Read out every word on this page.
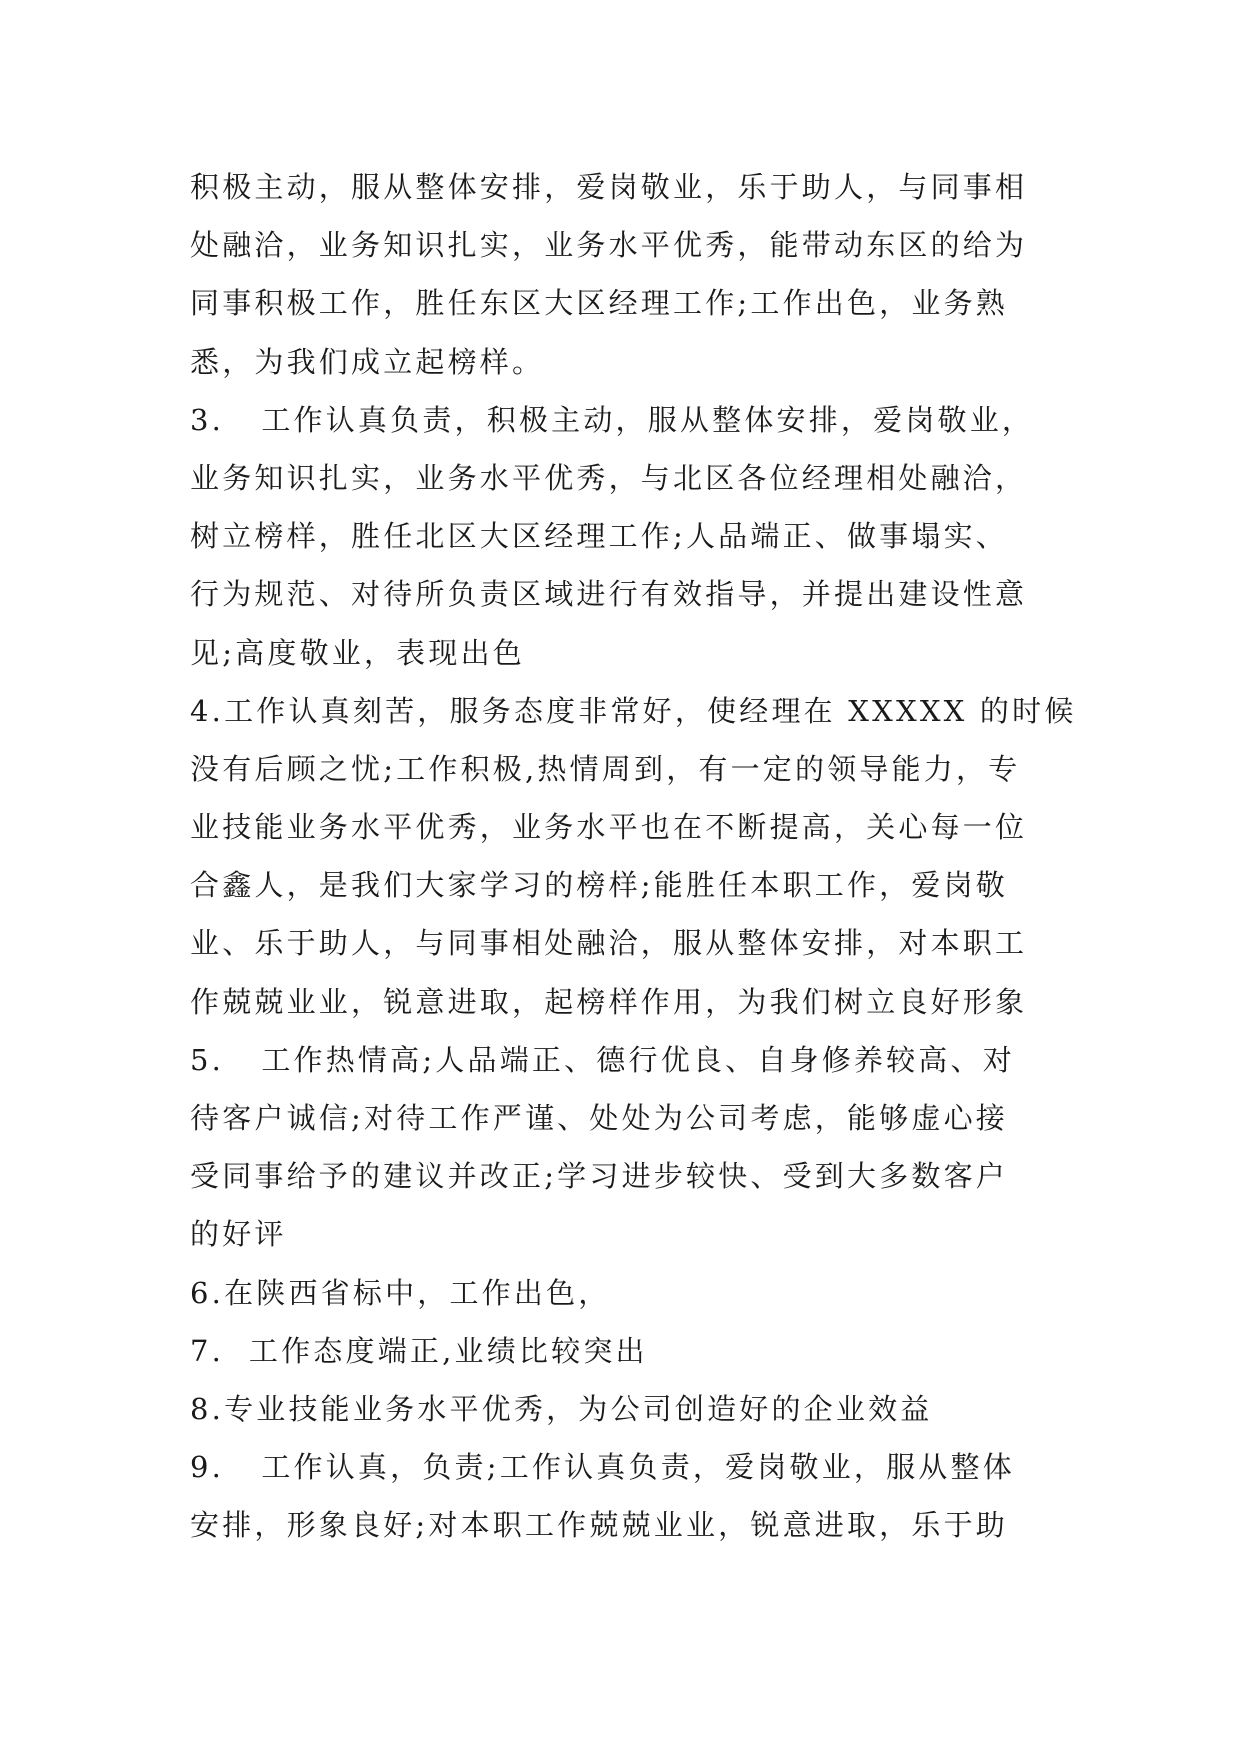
积极主动，服从整体安排，爱岗敬业，乐于助人，与同事相
处融洽，业务知识扎实，业务水平优秀，能带动东区的给为
同事积极工作，胜任东区大区经理工作;工作出色，业务熟
悉，为我们成立起榜样。
3.   工作认真负责，积极主动，服从整体安排，爱岗敬业，
业务知识扎实，业务水平优秀，与北区各位经理相处融洽，
树立榜样，胜任北区大区经理工作;人品端正、做事塌实、
行为规范、对待所负责区域进行有效指导，并提出建设性意
见;高度敬业，表现出色
4.工作认真刻苦，服务态度非常好，使经理在 XXXXX 的时候
没有后顾之忧;工作积极,热情周到，有一定的领导能力，专
业技能业务水平优秀，业务水平也在不断提高，关心每一位
合鑫人，是我们大家学习的榜样;能胜任本职工作，爱岗敬
业、乐于助人，与同事相处融洽，服从整体安排，对本职工
作兢兢业业，锐意进取，起榜样作用，为我们树立良好形象
5.   工作热情高;人品端正、德行优良、自身修养较高、对
待客户诚信;对待工作严谨、处处为公司考虑，能够虚心接
受同事给予的建议并改正;学习进步较快、受到大多数客户
的好评
6.在陕西省标中，工作出色，
7.  工作态度端正,业绩比较突出
8.专业技能业务水平优秀，为公司创造好的企业效益
9.   工作认真，负责;工作认真负责，爱岗敬业，服从整体
安排，形象良好;对本职工作兢兢业业，锐意进取，乐于助
